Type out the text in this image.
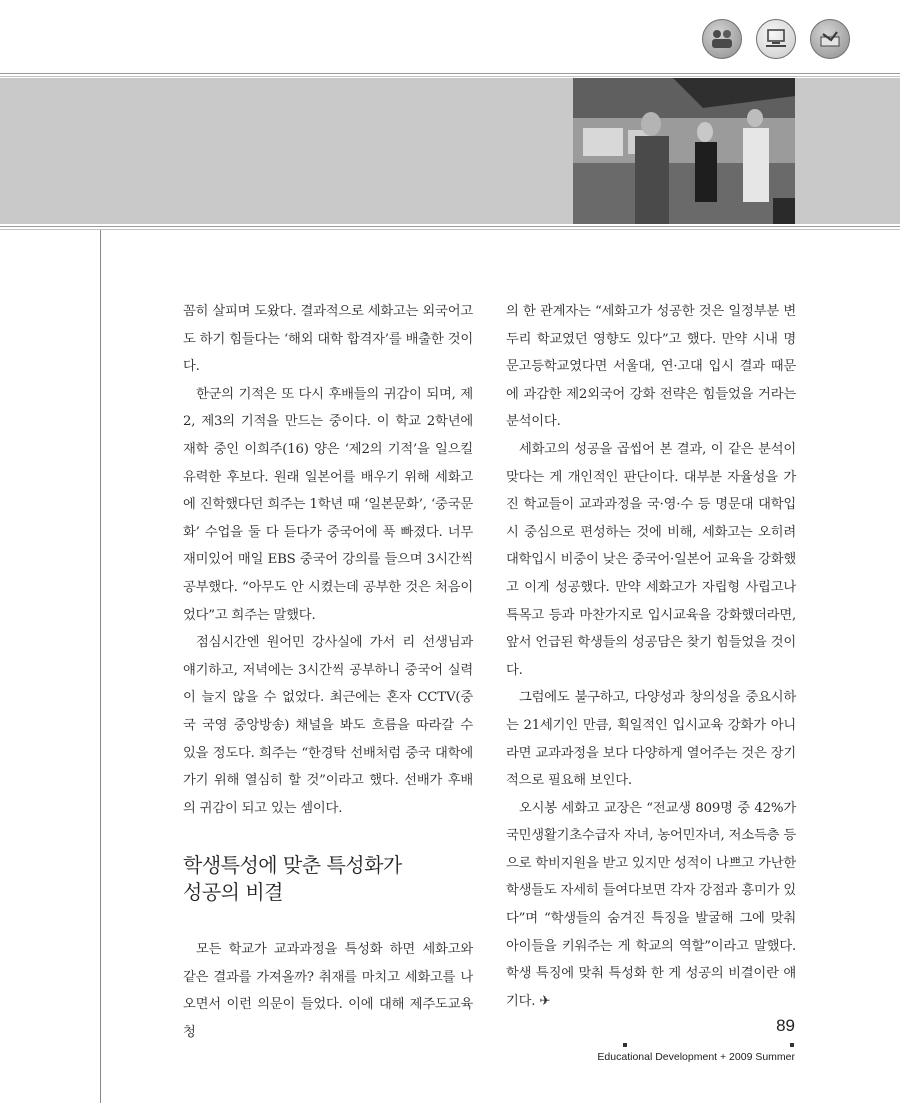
꼼히 살피며 도왔다. 결과적으로 세화고는 외국어고도 하기 힘들다는 ‘해외 대학 합격자’를 배출한 것이다.

한군의 기적은 또 다시 후배들의 귀감이 되며, 제2, 제3의 기적을 만드는 중이다. 이 학교 2학년에 재학 중인 이희주(16) 양은 ‘제2의 기적’을 일으킬 유력한 후보다. 원래 일본어를 배우기 위해 세화고에 진학했다던 희주는 1학년 때 ‘일본문화’, ‘중국문화’ 수업을 둘 다 듣다가 중국어에 푹 빠졌다. 너무 재미있어 매일 EBS 중국어 강의를 들으며 3시간씩 공부했다. “아무도 안 시켰는데 공부한 것은 처음이었다”고 희주는 말했다.

점심시간엔 원어민 강사실에 가서 리 선생님과 얘기하고, 저녁에는 3시간씩 공부하니 중국어 실력이 늘지 않을 수 없었다. 최근에는 혼자 CCTV(중국 국영 중앙방송) 채널을 봐도 흐름을 따라갈 수 있을 정도다. 희주는 “한경탁 선배처럼 중국 대학에 가기 위해 열심히 할 것”이라고 했다. 선배가 후배의 귀감이 되고 있는 셈이다.

학생특성에 맞춘 특성화가
성공의 비결

모든 학교가 교과과정을 특성화 하면 세화고와 같은 결과를 가져올까? 취재를 마치고 세화고를 나오면서 이런 의문이 들었다. 이에 대해 제주도교육청

의 한 관계자는 “세화고가 성공한 것은 일정부분 변두리 학교였던 영향도 있다”고 했다. 만약 시내 명문고등학교였다면 서울대, 연·고대 입시 결과 때문에 과감한 제2외국어 강화 전략은 힘들었을 거라는 분석이다.

세화고의 성공을 곱씹어 본 결과, 이 같은 분석이 맞다는 게 개인적인 판단이다. 대부분 자율성을 가진 학교들이 교과과정을 국·영·수 등 명문대 대학입시 중심으로 편성하는 것에 비해, 세화고는 오히려 대학입시 비중이 낮은 중국어·일본어 교육을 강화했고 이게 성공했다. 만약 세화고가 자립형 사립고나 특목고 등과 마찬가지로 입시교육을 강화했더라면, 앞서 언급된 학생들의 성공담은 찾기 힘들었을 것이다.

그럼에도 불구하고, 다양성과 창의성을 중요시하는 21세기인 만큼, 획일적인 입시교육 강화가 아니라면 교과과정을 보다 다양하게 열어주는 것은 장기적으로 필요해 보인다.

오시봉 세화고 교장은 “전교생 809명 중 42%가 국민생활기초수급자 자녀, 농어민자녀, 저소득층 등으로 학비지원을 받고 있지만 성적이 나쁘고 가난한 학생들도 자세히 들여다보면 각자 강점과 흥미가 있다”며 “학생들의 숨겨진 특징을 발굴해 그에 맞춰 아이들을 키워주는 게 학교의 역할”이라고 말했다. 학생 특징에 맞춰 특성화 한 게 성공의 비결이란 얘기다. ✈

89
Educational Development + 2009 Summer
